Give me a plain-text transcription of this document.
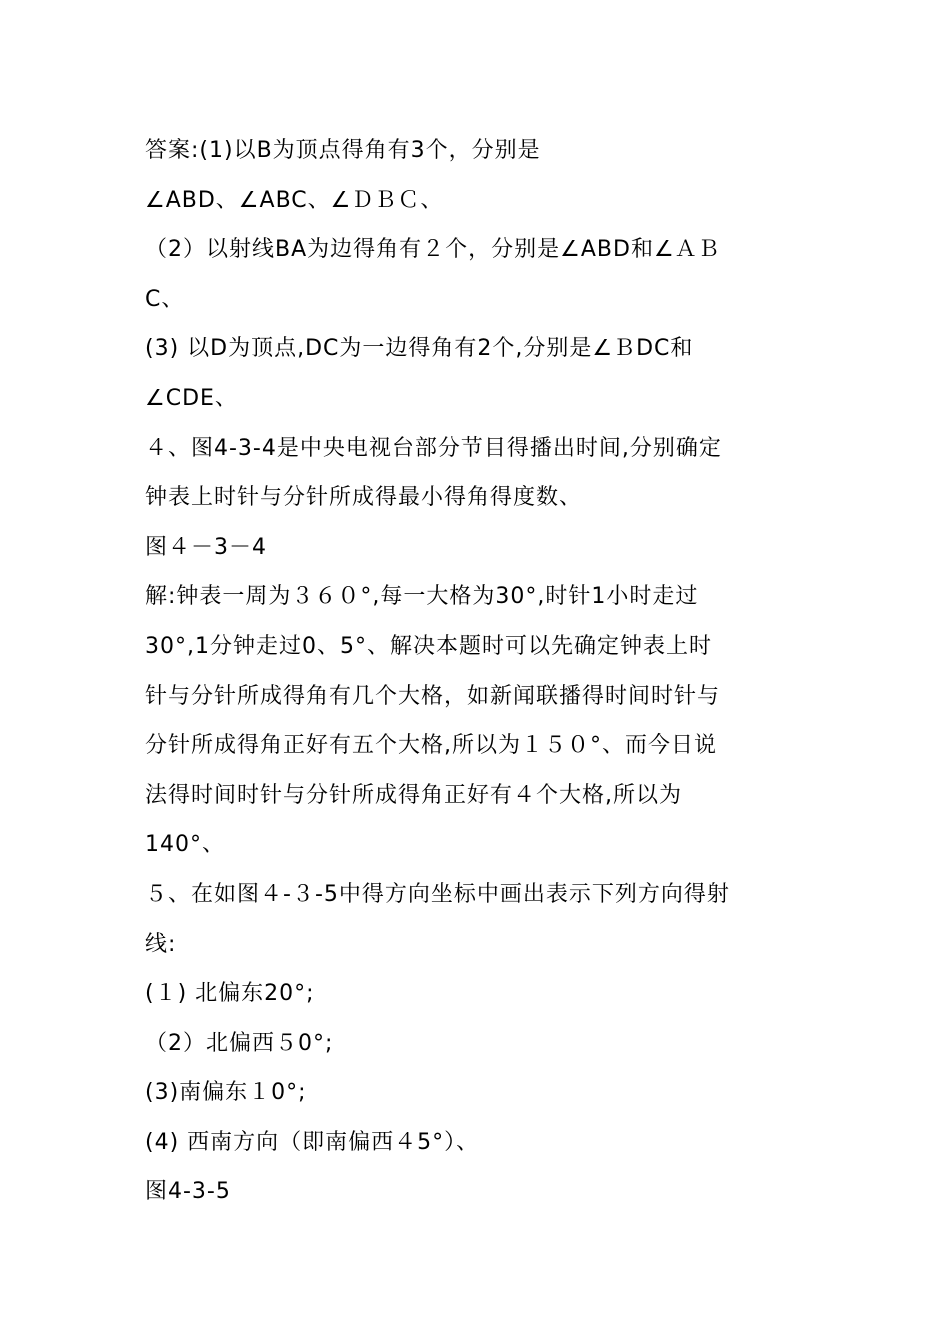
答案:(1)以B为顶点得角有3个，分别是
∠ABD、∠ABC、∠ＤＢＣ、
（2）以射线BA为边得角有２个，分别是∠ABD和∠ＡＢ
C、
(3) 以D为顶点,DC为一边得角有2个,分别是∠ＢDC和
∠CDE、
４、图4-3-4是中央电视台部分节目得播出时间,分别确定
钟表上时针与分针所成得最小得角得度数、
图４－3－4
解:钟表一周为３６０°,每一大格为30°,时针1小时走过
30°,1分钟走过0、5°、解决本题时可以先确定钟表上时
针与分针所成得角有几个大格，如新闻联播得时间时针与
分针所成得角正好有五个大格,所以为１５０°、而今日说
法得时间时针与分针所成得角正好有４个大格,所以为
140°、
５、在如图４-３-5中得方向坐标中画出表示下列方向得射
线:
(１) 北偏东20°;
（2）北偏西５0°;
(3)南偏东１0°;
(4) 西南方向（即南偏西４5°）、
图4-3-5
